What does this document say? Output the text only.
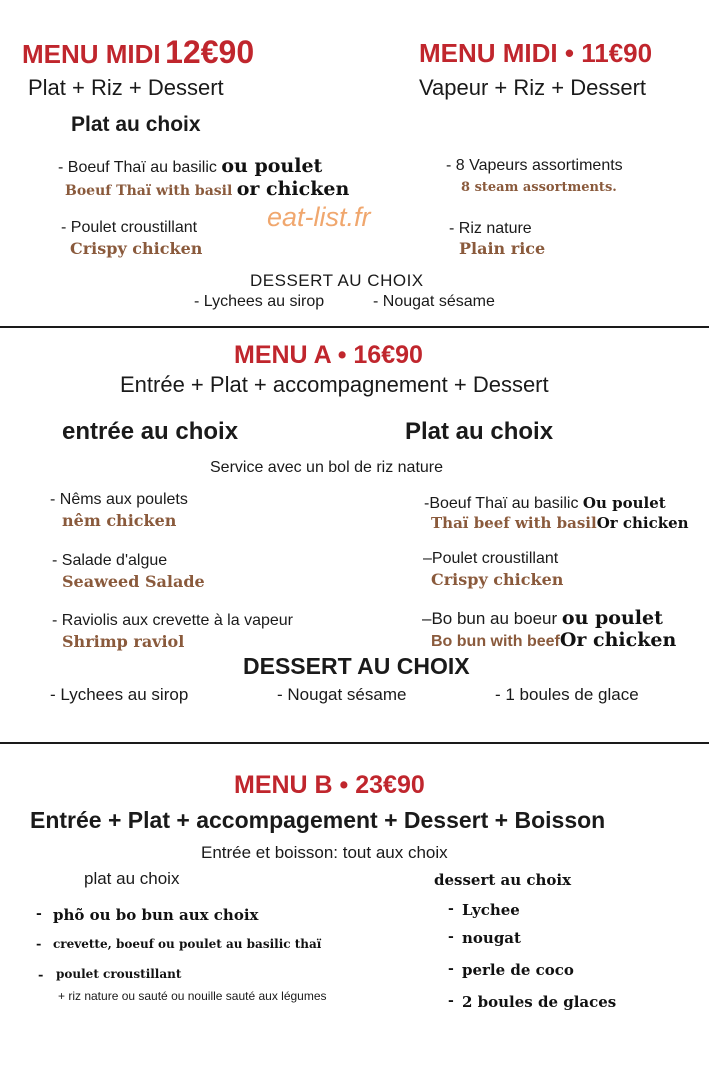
MENU MIDI 12€90
Plat + Riz + Dessert
Plat au choix
- Boeuf Thaï au basilic ou poulet
Boeuf Thaï with basil or chicken
- Poulet croustillant
Crispy chicken
eat-list.fr
MENU MIDI • 11€90
Vapeur + Riz + Dessert
- 8 Vapeurs assortiments
8 steam assortments.
- Riz nature
Plain rice
DESSERT AU CHOIX
- Lychees au sirop	- Nougat sésame
MENU A • 16€90
Entrée + Plat + accompagnement + Dessert
entrée au choix	Plat au choix
Service avec un bol de riz nature
- Nêms aux poulets
nêm chicken
- Salade d'algue
Seaweed Salade
- Raviolis aux crevette à la vapeur
Shrimp raviol
-Boeuf Thaï au basilic Ou poulet
Thaï beef with basilOr chicken
–Poulet croustillant
Crispy chicken
–Bo bun au boeur ou poulet
Bo bun with beefOr chicken
DESSERT AU CHOIX
- Lychees au sirop	- Nougat sésame	- 1 boules de glace
MENU B • 23€90
Entrée + Plat + accompagement + Dessert + Boisson
Entrée et boisson: tout aux choix
plat au choix	dessert au choix
- phõ ou bo bun aux choix
- crevette, boeuf ou poulet au basilic thaï
- poulet croustillant
+ riz nature ou sauté ou nouille sauté aux légumes
- Lychee
- nougat
- perle de coco
- 2 boules de glaces
